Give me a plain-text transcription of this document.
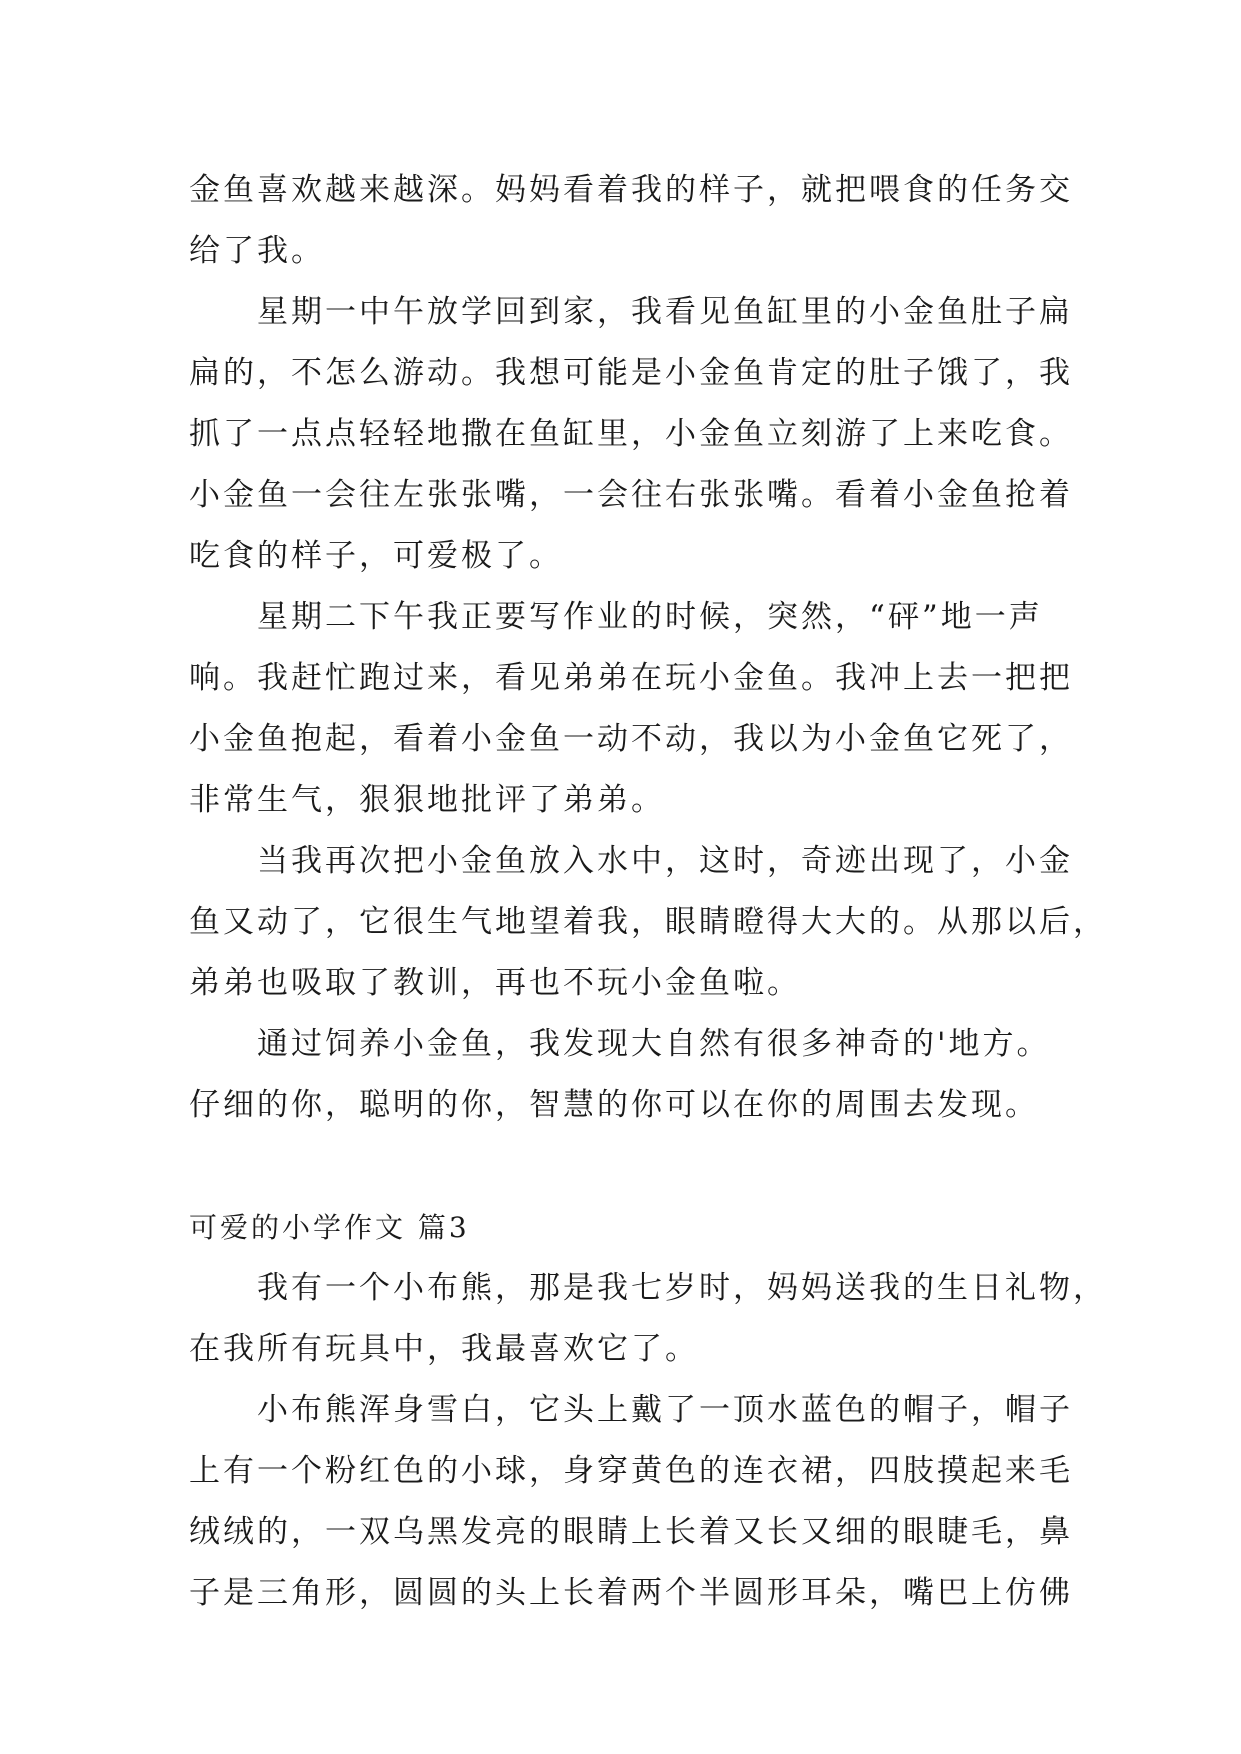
金鱼喜欢越来越深。妈妈看着我的样子，就把喂食的任务交
给了我。
　　星期一中午放学回到家，我看见鱼缸里的小金鱼肚子扁
扁的，不怎么游动。我想可能是小金鱼肯定的肚子饿了，我
抓了一点点轻轻地撒在鱼缸里，小金鱼立刻游了上来吃食。
小金鱼一会往左张张嘴，一会往右张张嘴。看着小金鱼抢着
吃食的样子，可爱极了。
　　星期二下午我正要写作业的时候，突然，“砰”地一声
响。我赶忙跑过来，看见弟弟在玩小金鱼。我冲上去一把把
小金鱼抱起，看着小金鱼一动不动，我以为小金鱼它死了，
非常生气，狠狠地批评了弟弟。
　　当我再次把小金鱼放入水中，这时，奇迹出现了，小金
鱼又动了，它很生气地望着我，眼睛瞪得大大的。从那以后，
弟弟也吸取了教训，再也不玩小金鱼啦。
　　通过饲养小金鱼，我发现大自然有很多神奇的'地方。
仔细的你，聪明的你，智慧的你可以在你的周围去发现。
可爱的小学作文 篇3
　　我有一个小布熊，那是我七岁时，妈妈送我的生日礼物，
在我所有玩具中，我最喜欢它了。
　　小布熊浑身雪白，它头上戴了一顶水蓝色的帽子，帽子
上有一个粉红色的小球，身穿黄色的连衣裙，四肢摸起来毛
绒绒的，一双乌黑发亮的眼睛上长着又长又细的眼睫毛，鼻
子是三角形，圆圆的头上长着两个半圆形耳朵，嘴巴上仿佛
